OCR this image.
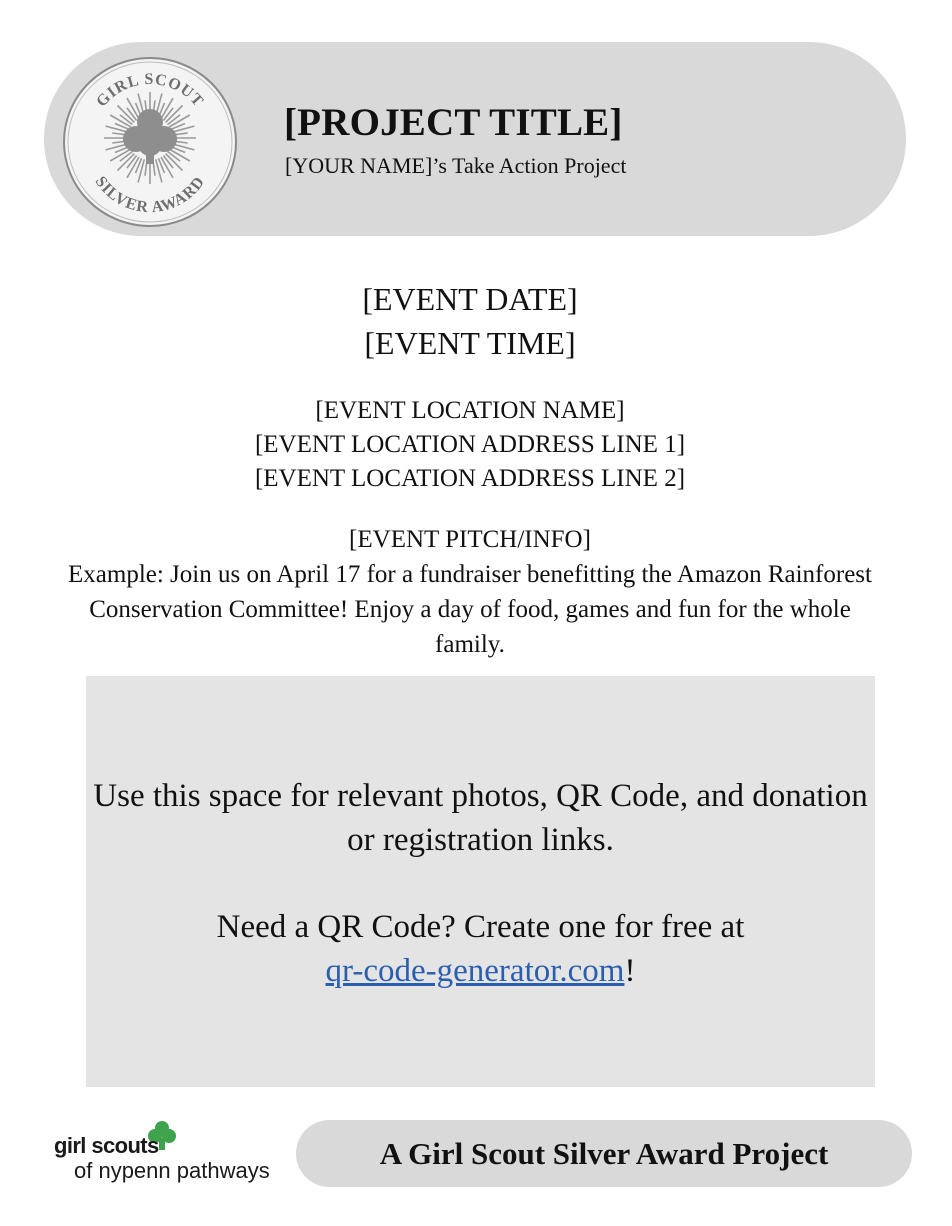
GIRL SCOUT
SILVER AWARD
[PROJECT TITLE]
[YOUR NAME]’s Take Action Project
[EVENT DATE]
[EVENT TIME]
[EVENT LOCATION NAME]
[EVENT LOCATION ADDRESS LINE 1]
[EVENT LOCATION ADDRESS LINE 2]
[EVENT PITCH/INFO]
Example: Join us on April 17 for a fundraiser benefitting the Amazon Rainforest Conservation Committee! Enjoy a day of food, games and fun for the whole family.
Use this space for relevant photos, QR Code, and donation or registration links.
Need a QR Code? Create one for free at
qr-code-generator.com!
girl scouts
of nypenn pathways	A Girl Scout Silver Award Project
